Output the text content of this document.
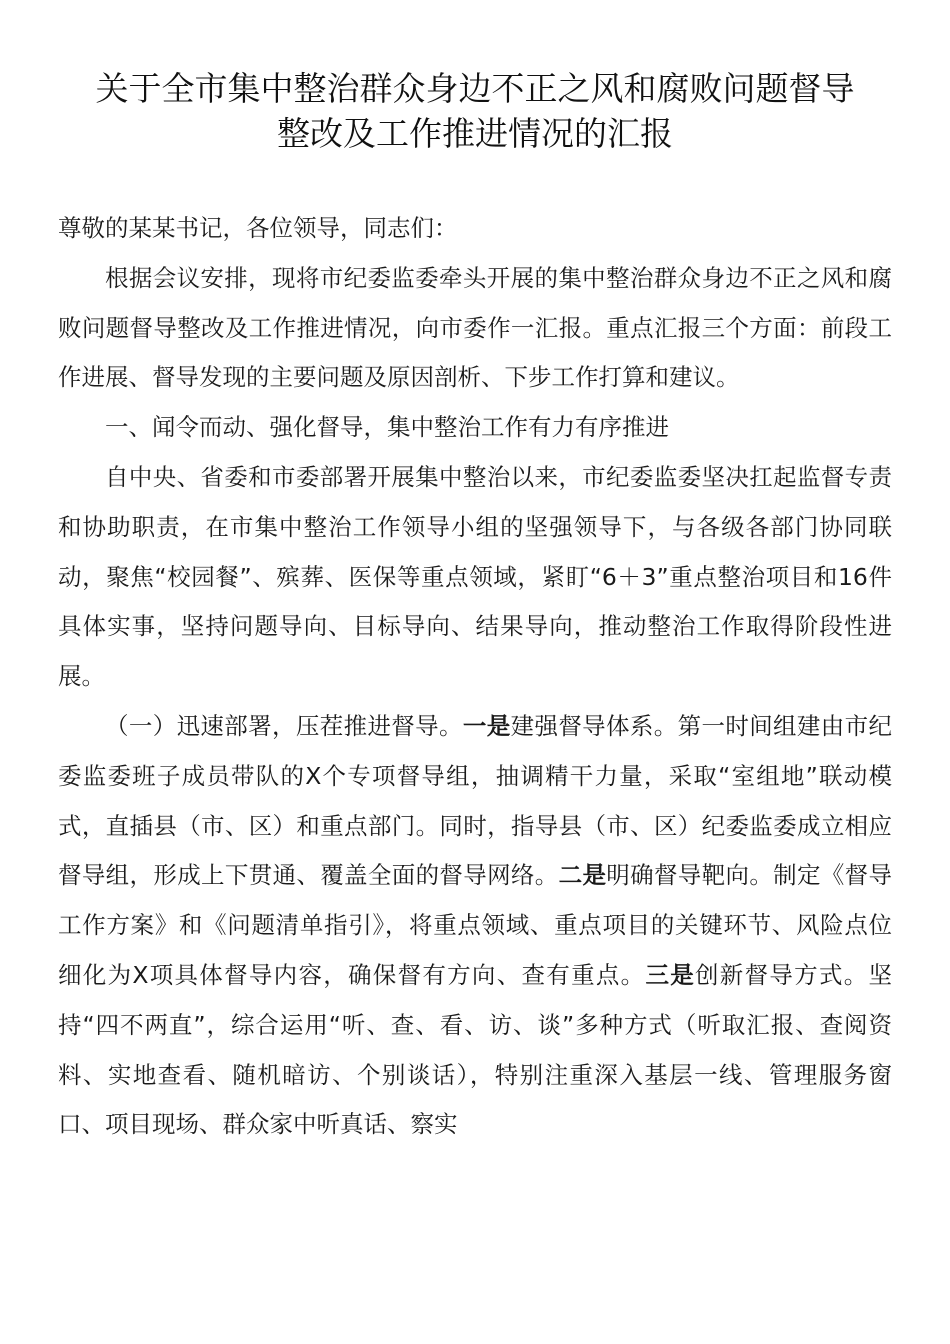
关于全市集中整治群众身边不正之风和腐败问题督导
整改及工作推进情况的汇报

尊敬的某某书记，各位领导，同志们：

根据会议安排，现将市纪委监委牵头开展的集中整治群众身边不正之风和腐败问题督导整改及工作推进情况，向市委作一汇报。重点汇报三个方面：前段工作进展、督导发现的主要问题及原因剖析、下步工作打算和建议。

一、闻令而动、强化督导，集中整治工作有力有序推进

自中央、省委和市委部署开展集中整治以来，市纪委监委坚决扛起监督专责和协助职责，在市集中整治工作领导小组的坚强领导下，与各级各部门协同联动，聚焦“校园餐”、殡葬、医保等重点领域，紧盯“6＋3”重点整治项目和16件具体实事，坚持问题导向、目标导向、结果导向，推动整治工作取得阶段性进展。

（一）迅速部署，压茬推进督导。一是建强督导体系。第一时间组建由市纪委监委班子成员带队的X个专项督导组，抽调精干力量，采取“室组地”联动模式，直插县（市、区）和重点部门。同时，指导县（市、区）纪委监委成立相应督导组，形成上下贯通、覆盖全面的督导网络。二是明确督导靶向。制定《督导工作方案》和《问题清单指引》，将重点领域、重点项目的关键环节、风险点位细化为X项具体督导内容，确保督有方向、查有重点。三是创新督导方式。坚持“四不两直”，综合运用“听、查、看、访、谈”多种方式（听取汇报、查阅资料、实地查看、随机暗访、个别谈话），特别注重深入基层一线、管理服务窗口、项目现场、群众家中听真话、察实
